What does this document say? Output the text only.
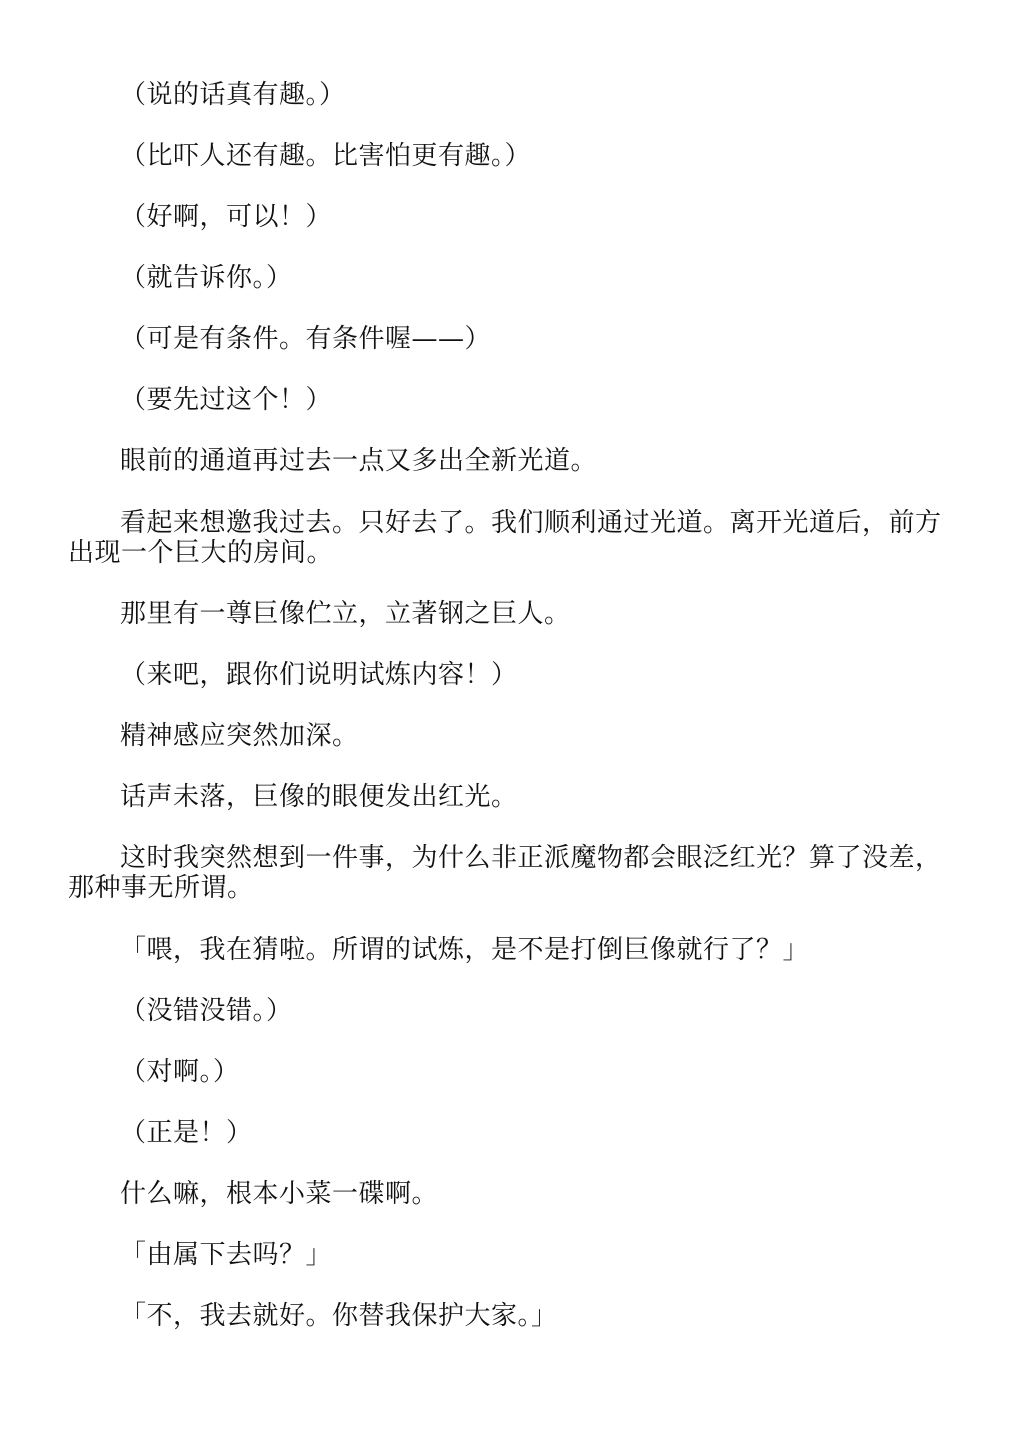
（说的话真有趣。）

（比吓人还有趣。比害怕更有趣。）

（好啊，可以！）

（就告诉你。）

（可是有条件。有条件喔——）

（要先过这个！）

眼前的通道再过去一点又多出全新光道。

看起来想邀我过去。只好去了。我们顺利通过光道。离开光道后，前方出现一个巨大的房间。

那里有一尊巨像伫立，立著钢之巨人。

（来吧，跟你们说明试炼内容！）

精神感应突然加深。

话声未落，巨像的眼便发出红光。

这时我突然想到一件事，为什么非正派魔物都会眼泛红光？算了没差，那种事无所谓。

「喂，我在猜啦。所谓的试炼，是不是打倒巨像就行了？」

（没错没错。）

（对啊。）

（正是！）

什么嘛，根本小菜一碟啊。

「由属下去吗？」

「不，我去就好。你替我保护大家。」
